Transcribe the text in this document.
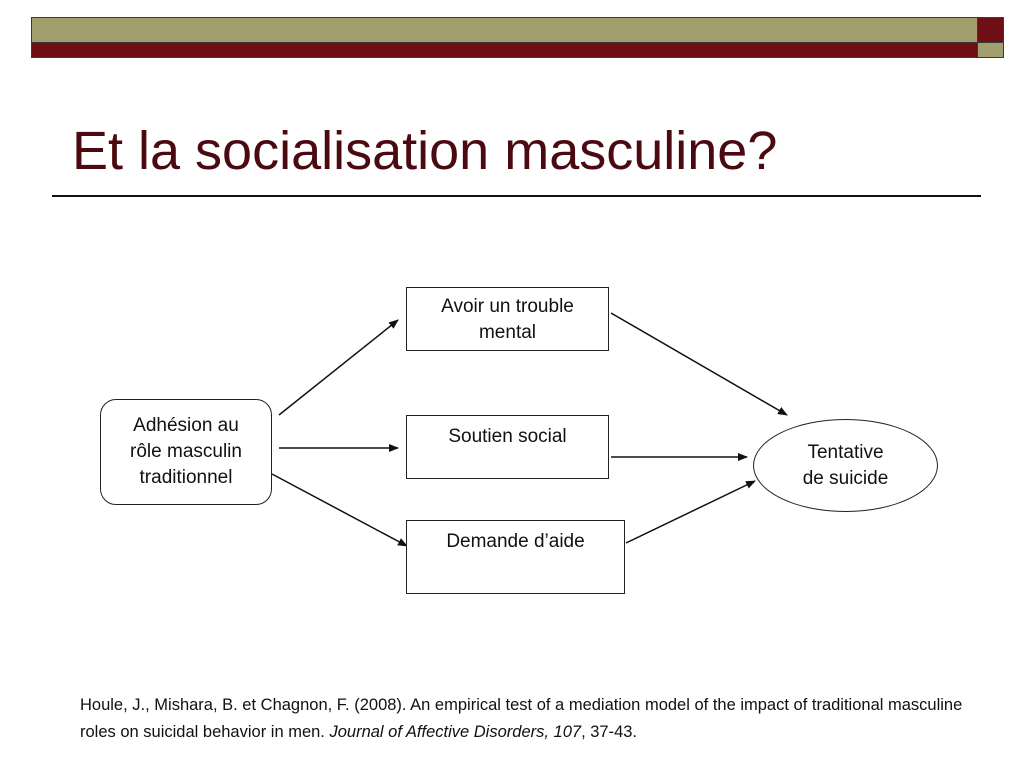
Et la socialisation masculine?
Adhésion au
rôle masculin
traditionnel
Avoir un trouble
mental
Soutien social
Demande d’aide
Tentative
de suicide
Houle, J., Mishara, B. et Chagnon, F. (2008). An empirical test of a mediation model of the impact of traditional masculine roles on suicidal behavior in men. Journal of Affective Disorders, 107, 37-43.
